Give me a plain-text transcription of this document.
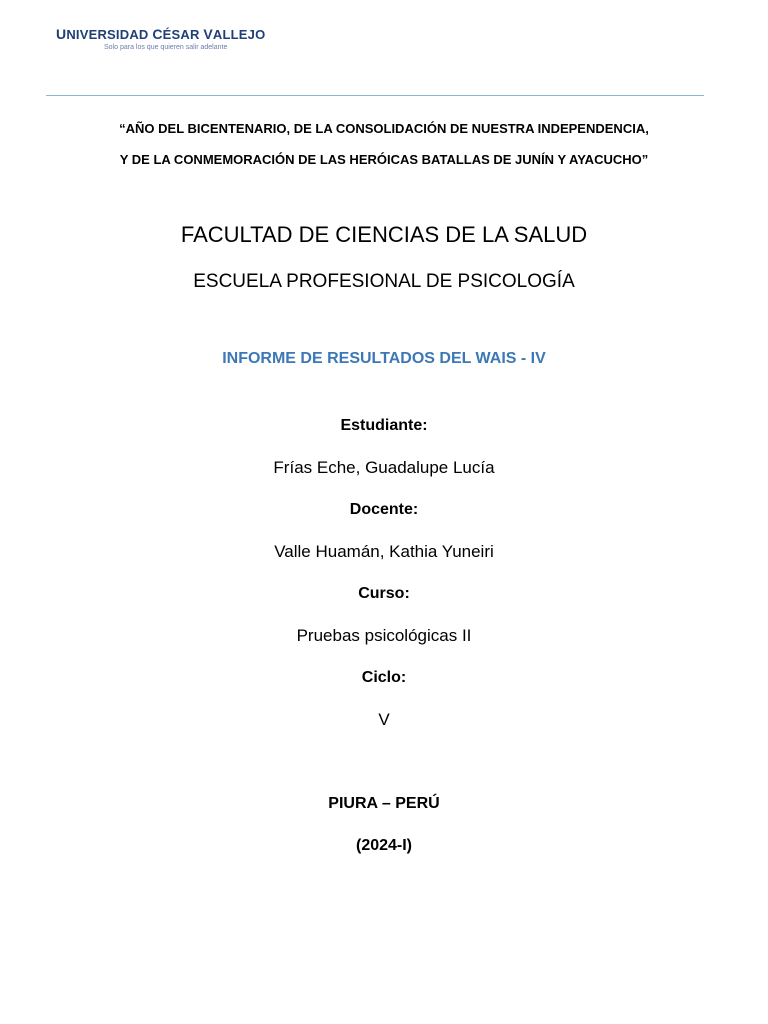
UNIVERSIDAD CÉSAR VALLEJO
Solo para los que quieren salir adelante
“AÑO DEL BICENTENARIO, DE LA CONSOLIDACIÓN DE NUESTRA INDEPENDENCIA,
Y DE LA CONMEMORACIÓN DE LAS HERÓICAS BATALLAS DE JUNÍN Y AYACUCHO”
FACULTAD DE CIENCIAS DE LA SALUD
ESCUELA PROFESIONAL DE PSICOLOGÍA
INFORME DE RESULTADOS DEL WAIS - IV
Estudiante:
Frías Eche, Guadalupe Lucía
Docente:
Valle Huamán, Kathia Yuneiri
Curso:
Pruebas psicológicas II
Ciclo:
V
PIURA – PERÚ
(2024-I)
